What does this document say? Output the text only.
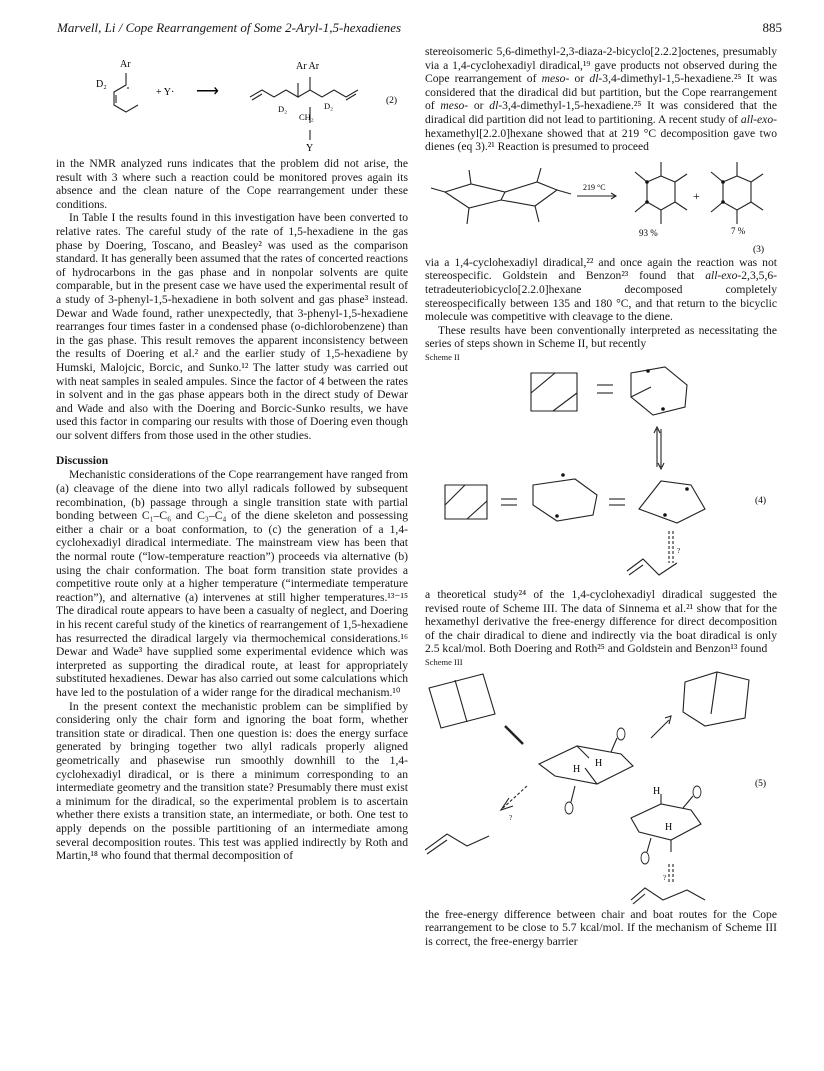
Marvell, Li / Cope Rearrangement of Some 2-Aryl-1,5-hexadienes	885
Ar
D₂
+ Y· ⟶
Ar Ar
D₂
CH₂
D₂
Y
(2)

in the NMR analyzed runs indicates that the problem did not arise, the result with 3 where such a reaction could be monitored proves again its absence and the clean nature of the Cope rearrangement under these conditions.

In Table I the results found in this investigation have been converted to relative rates. The careful study of the rate of 1,5-hexadiene in the gas phase by Doering, Toscano, and Beasley² was used as the comparison standard. It has generally been assumed that the rates of concerted reactions of hydrocarbons in the gas phase and in nonpolar solvents are quite comparable, but in the present case we have used the experimental result of a study of 3-phenyl-1,5-hexadiene in both solvent and gas phase³ instead. Dewar and Wade found, rather unexpectedly, that 3-phenyl-1,5-hexadiene rearranges four times faster in a condensed phase (o-dichlorobenzene) than in the gas phase. This result removes the apparent inconsistency between the results of Doering et al.² and the earlier study of 1,5-hexadiene by Humski, Malojcic, Borcic, and Sunko.¹² The latter study was carried out with neat samples in sealed ampules. Since the factor of 4 between the rates in solvent and in the gas phase appears both in the direct study of Dewar and Wade and also with the Doering and Borcic-Sunko results, we have used this factor in comparing our results with those of Doering even though our solvent differs from those used in the other studies.

Discussion

Mechanistic considerations of the Cope rearrangement have ranged from (a) cleavage of the diene into two allyl radicals followed by subsequent recombination, (b) passage through a single transition state with partial bonding between C₁–C₆ and C₃–C₄ of the diene skeleton and possessing either a chair or a boat conformation, to (c) the generation of a 1,4-cyclohexadiyl diradical intermediate. The mainstream view has been that the normal route (“low-temperature reaction”) proceeds via alternative (b) using the chair conformation. The boat form transition state provides a competitive route only at a higher temperature (“intermediate temperature reaction”), and alternative (a) intervenes at still higher temperatures.¹³⁻¹⁵ The diradical route appears to have been a casualty of neglect, and Doering in his recent careful study of the kinetics of rearrangement of 1,5-hexadiene has resurrected the diradical largely via thermochemical considerations.¹⁶ Dewar and Wade³ have supplied some experimental evidence which was interpreted as supporting the diradical route, at least for appropriately substituted hexadienes. Dewar has also carried out some calculations which have led to the postulation of a wider range for the diradical mechanism.¹⁰

In the present context the mechanistic problem can be simplified by considering only the chair form and ignoring the boat form, whether transition state or diradical. Then one question is: does the energy surface generated by bringing together two allyl radicals properly aligned geometrically and phasewise run smoothly downhill to the 1,4-cyclohexadiyl diradical, or is there a minimum corresponding to an intermediate geometry and the transition state? Presumably there must exist a minimum for the diradical, so the experimental problem is to ascertain whether there exists a transition state, an intermediate, or both. One test to apply depends on the possible partitioning of an intermediate among several decomposition routes. This test was applied indirectly by Roth and Martin,¹⁸ who found that thermal decomposition of

stereoisomeric 5,6-dimethyl-2,3-diaza-2-bicyclo[2.2.2]octenes, presumably via a 1,4-cyclohexadiyl diradical,¹⁹ gave products not observed during the Cope rearrangement of meso- or dl-3,4-dimethyl-1,5-hexadiene.²⁵ It was considered that the diradical did but partition, but the Cope rearrangement of meso- or dl-3,4-dimethyl-1,5-hexadiene.²⁵ It was considered that the diradical did partition did not lead to partitioning. A recent study of all-exo-hexamethyl[2.2.0]hexane showed that at 219 °C decomposition gave two dienes (eq 3).²¹ Reaction is presumed to proceed

219 °C
+
93 %	7 %
(3)

via a 1,4-cyclohexadiyl diradical,²² and once again the reaction was not stereospecific. Goldstein and Benzon²³ found that all-exo-2,3,5,6-tetradeuteriobicyclo[2.2.0]hexane decomposed completely stereospecifically between 135 and 180 °C, and that return to the bicyclic molecule was competitive with cleavage to the diene.

These results have been conventionally interpreted as necessitating the series of steps shown in Scheme II, but recently

Scheme II
?
(4)

a theoretical study²⁴ of the 1,4-cyclohexadiyl diradical suggested the revised route of Scheme III. The data of Sinnema et al.²¹ show that for the hexamethyl derivative the free-energy difference for direct decomposition of the chair diradical to diene and indirectly via the boat diradical is only 2.5 kcal/mol. Both Doering and Roth²⁵ and Goldstein and Benzon¹³ found

Scheme III
H
H
H
H
?
?
(5)

the free-energy difference between chair and boat routes for the Cope rearrangement to be close to 5.7 kcal/mol. If the mechanism of Scheme III is correct, the free-energy barrier
